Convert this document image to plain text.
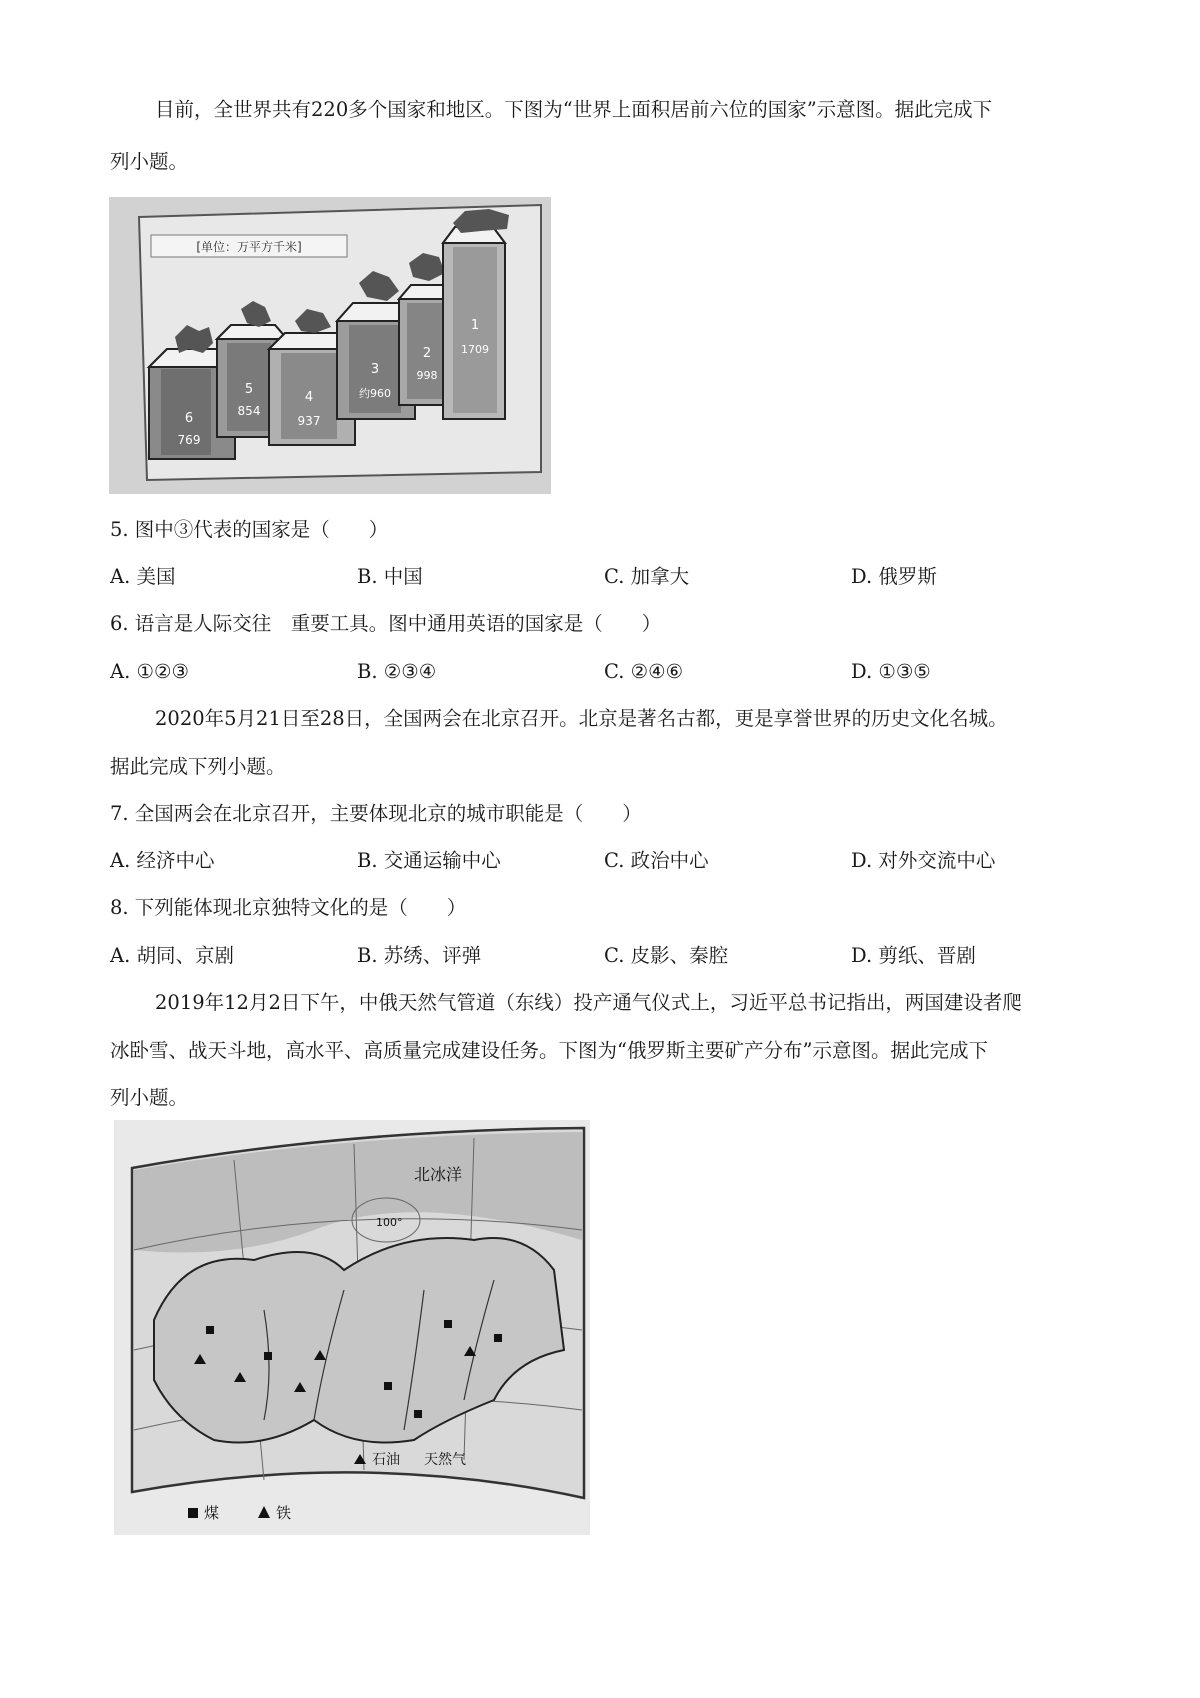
目前，全世界共有220多个国家和地区。下图为“世界上面积居前六位的国家”示意图。据此完成下

列小题。

[单位：万平方千米]
6
769
5
854
4
937
3
约960
2
998
1
1709

5. 图中③代表的国家是（　　）

A. 美国	B. 中国	C. 加拿大	D. 俄罗斯

6. 语言是人际交往　重要工具。图中通用英语的国家是（　　）

A. ①②③	B. ②③④	C. ②④⑥	D. ①③⑤

2020年5月21日至28日，全国两会在北京召开。北京是著名古都，更是享誉世界的历史文化名城。

据此完成下列小题。

7. 全国两会在北京召开，主要体现北京的城市职能是（　　）

A. 经济中心	B. 交通运输中心	C. 政治中心	D. 对外交流中心

8. 下列能体现北京独特文化的是（　　）

A. 胡同、京剧	B. 苏绣、评弹	C. 皮影、秦腔	D. 剪纸、晋剧

2019年12月2日下午，中俄天然气管道（东线）投产通气仪式上，习近平总书记指出，两国建设者爬

冰卧雪、战天斗地，高水平、高质量完成建设任务。下图为“俄罗斯主要矿产分布”示意图。据此完成下

列小题。

北冰洋
100°
石油 天然气
煤	铁
